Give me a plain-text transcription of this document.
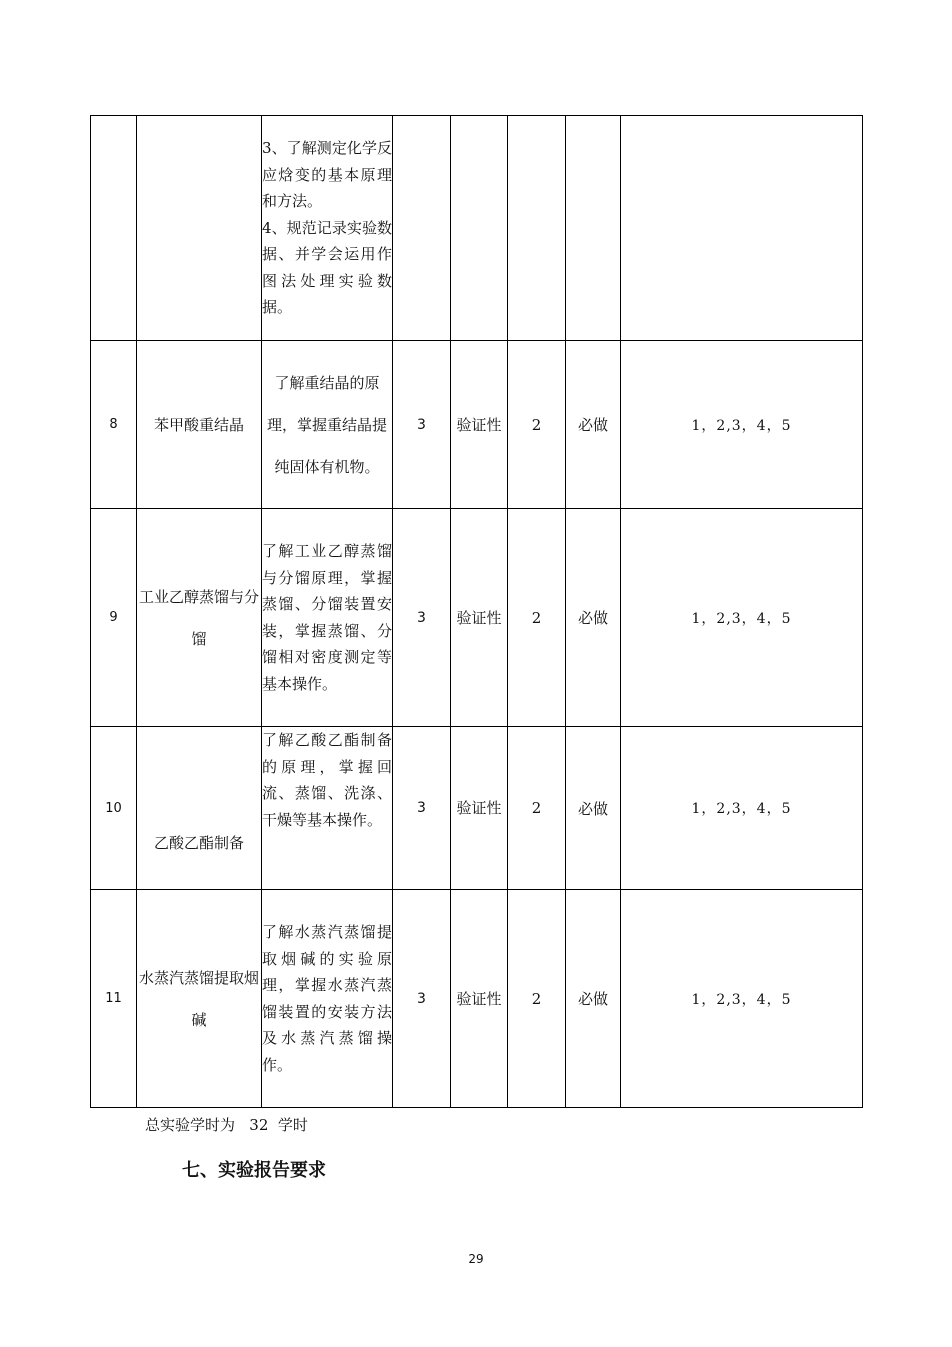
		3、了解测定化学反应焓变的基本原理和方法。
4、规范记录实验数据、并学会运用作图法处理实验数据。					

8	苯甲酸重结晶	了解重结晶的原理，掌握重结晶提纯固体有机物。	3	验证性	2	必做	1，2,3，4，5
9	工业乙醇蒸馏与分馏	了解工业乙醇蒸馏与分馏原理，掌握蒸馏、分馏装置安装，掌握蒸馏、分馏相对密度测定等基本操作。	3	验证性	2	必做	1，2,3，4，5
10	乙酸乙酯制备	了解乙酸乙酯制备的原理，掌握回流、蒸馏、洗涤、干燥等基本操作。	3	验证性	2	必做	1，2,3，4，5
11	水蒸汽蒸馏提取烟碱	了解水蒸汽蒸馏提取烟碱的实验原理，掌握水蒸汽蒸馏装置的安装方法及水蒸汽蒸馏操作。	3	验证性	2	必做	1，2,3，4，5
总实验学时为   32  学时
七、实验报告要求
29
